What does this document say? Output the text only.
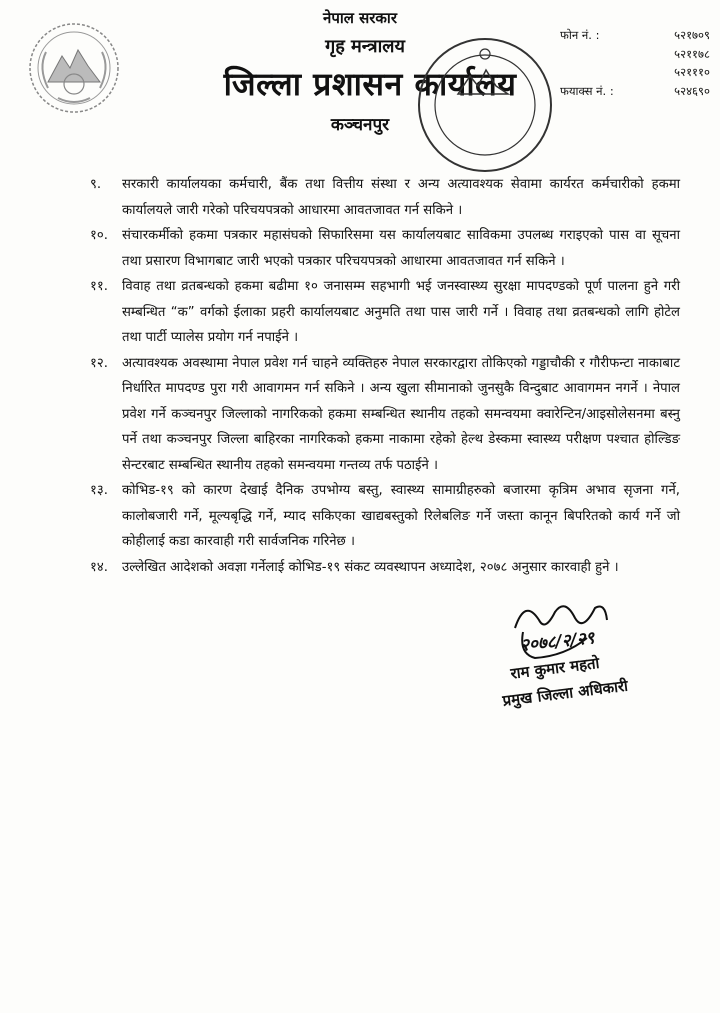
नेपाल सरकार
गृह मन्त्रालय
जिल्ला प्रशासन कार्यालय
कञ्चनपुर
फोन नं. :	५२१७०९
५२११७८
५२१११०
फयाक्स नं. :	५२४६९०

९. सरकारी कार्यालयका कर्मचारी, बैंक तथा वित्तीय संस्था र अन्य अत्यावश्यक सेवामा कार्यरत कर्मचारीको हकमा कार्यालयले जारी गरेको परिचयपत्रको आधारमा आवतजावत गर्न सकिने ।

१०. संचारकर्मीको हकमा पत्रकार महासंघको सिफारिसमा यस कार्यालयबाट साविकमा उपलब्ध गराइएको पास वा सूचना तथा प्रसारण विभागबाट जारी भएको पत्रकार परिचयपत्रको आधारमा आवतजावत गर्न सकिने ।

११. विवाह तथा व्रतबन्धको हकमा बढीमा १० जनासम्म सहभागी भई जनस्वास्थ्य सुरक्षा मापदण्डको पूर्ण पालना हुने गरी सम्बन्धित “क” वर्गको ईलाका प्रहरी कार्यालयबाट अनुमति तथा पास जारी गर्ने । विवाह तथा व्रतबन्धको लागि होटेल तथा पार्टी प्यालेस प्रयोग गर्न नपाईने ।

१२. अत्यावश्यक अवस्थामा नेपाल प्रवेश गर्न चाहने व्यक्तिहरु नेपाल सरकारद्वारा तोकिएको गड्डाचौकी र गौरीफन्टा नाकाबाट निर्धारित मापदण्ड पुरा गरी आवागमन गर्न सकिने । अन्य खुला सीमानाको जुनसुकै विन्दुबाट आवागमन नगर्ने । नेपाल प्रवेश गर्ने कञ्चनपुर जिल्लाको नागरिकको हकमा सम्बन्धित स्थानीय तहको समन्वयमा क्वारेन्टिन/आइसोलेसनमा बस्नु पर्ने तथा कञ्चनपुर जिल्ला बाहिरका नागरिकको हकमा नाकामा रहेको हेल्थ डेस्कमा स्वास्थ्य परीक्षण पश्चात होल्डिङ सेन्टरबाट सम्बन्धित स्थानीय तहको समन्वयमा गन्तव्य तर्फ पठाईने ।

१३. कोभिड-१९ को कारण देखाई दैनिक उपभोग्य बस्तु, स्वास्थ्य सामाग्रीहरुको बजारमा कृत्रिम अभाव सृजना गर्ने, कालोबजारी गर्ने, मूल्यबृद्धि गर्ने, म्याद सकिएका खाद्यबस्तुको रिलेबलिङ गर्ने जस्ता कानून बिपरितको कार्य गर्ने जो कोहीलाई कडा कारवाही गरी सार्वजनिक गरिनेछ ।

१४. उल्लेखित आदेशको अवज्ञा गर्नेलाई कोभिड-१९ संकट व्यवस्थापन अध्यादेश, २०७८ अनुसार कारवाही हुने ।

२०७८/२/२९
राम कुमार महतो
प्रमुख जिल्ला अधिकारी
